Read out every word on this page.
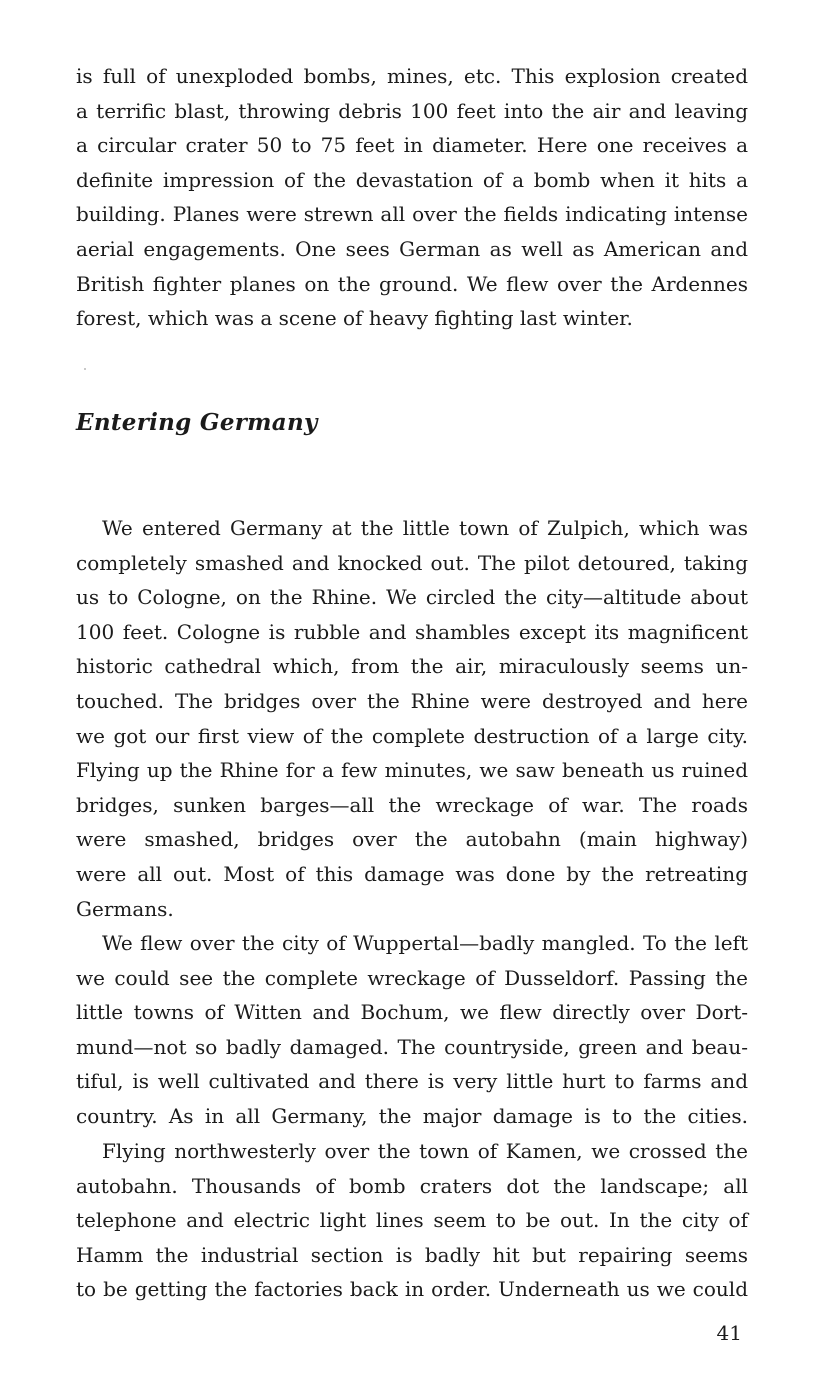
is full of unexploded bombs, mines, etc. This explosion created
a terrific blast, throwing debris 100 feet into the air and leaving
a circular crater 50 to 75 feet in diameter. Here one receives a
definite impression of the devastation of a bomb when it hits a
building. Planes were strewn all over the fields indicating intense
aerial engagements. One sees German as well as American and
British fighter planes on the ground. We flew over the Ardennes
forest, which was a scene of heavy fighting last winter.
Entering Germany
We entered Germany at the little town of Zulpich, which was
completely smashed and knocked out. The pilot detoured, taking
us to Cologne, on the Rhine. We circled the city—altitude about
100 feet. Cologne is rubble and shambles except its magnificent
historic cathedral which, from the air, miraculously seems un-
touched. The bridges over the Rhine were destroyed and here
we got our first view of the complete destruction of a large city.
Flying up the Rhine for a few minutes, we saw beneath us ruined
bridges, sunken barges—all the wreckage of war. The roads
were smashed, bridges over the autobahn (main highway)
were all out. Most of this damage was done by the retreating
Germans.
We flew over the city of Wuppertal—badly mangled. To the left
we could see the complete wreckage of Dusseldorf. Passing the
little towns of Witten and Bochum, we flew directly over Dort-
mund—not so badly damaged. The countryside, green and beau-
tiful, is well cultivated and there is very little hurt to farms and
country. As in all Germany, the major damage is to the cities.
Flying northwesterly over the town of Kamen, we crossed the
autobahn. Thousands of bomb craters dot the landscape; all
telephone and electric light lines seem to be out. In the city of
Hamm the industrial section is badly hit but repairing seems
to be getting the factories back in order. Underneath us we could
41
